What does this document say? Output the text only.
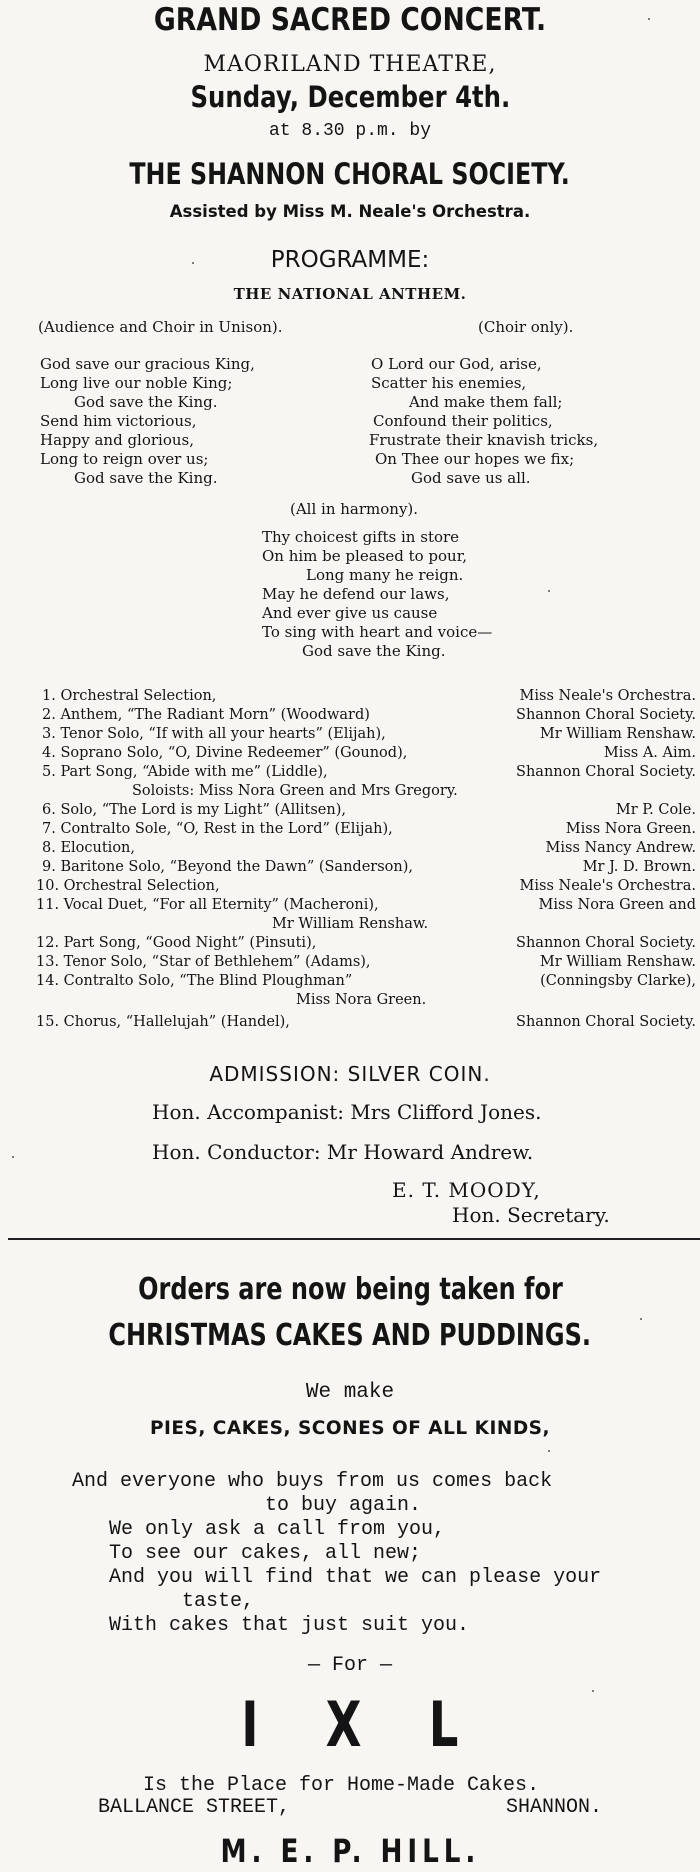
GRAND SACRED CONCERT.
MAORILAND THEATRE,
Sunday, December 4th.
at 8.30 p.m. by
THE SHANNON CHORAL SOCIETY.
Assisted by Miss M. Neale's Orchestra.
PROGRAMME:
THE NATIONAL ANTHEM.
(Audience and Choir in Unison).	(Choir only).
God save our gracious King,
Long live our noble King;
God save the King.
Send him victorious,
Happy and glorious,
Long to reign over us;
God save the King.
O Lord our God, arise,
Scatter his enemies,
And make them fall;
Confound their politics,
Frustrate their knavish tricks,
On Thee our hopes we fix;
God save us all.
(All in harmony).
Thy choicest gifts in store
On him be pleased to pour,
Long many he reign.
May he defend our laws,
And ever give us cause
To sing with heart and voice—
God save the King.
1. Orchestral Selection,	Miss Neale's Orchestra.
2. Anthem, “The Radiant Morn” (Woodward)	Shannon Choral Society.
3. Tenor Solo, “If with all your hearts” (Elijah),	Mr William Renshaw.
4. Soprano Solo, “O, Divine Redeemer” (Gounod),	Miss A. Aim.
5. Part Song, “Abide with me” (Liddle),	Shannon Choral Society.
Soloists: Miss Nora Green and Mrs Gregory.
6. Solo, “The Lord is my Light” (Allitsen),	Mr P. Cole.
7. Contralto Sole, “O, Rest in the Lord” (Elijah),	Miss Nora Green.
8. Elocution,	Miss Nancy Andrew.
9. Baritone Solo, “Beyond the Dawn” (Sanderson),	Mr J. D. Brown.
10. Orchestral Selection,	Miss Neale's Orchestra.
11. Vocal Duet, “For all Eternity” (Macheroni),	Miss Nora Green and
Mr William Renshaw.
12. Part Song, “Good Night” (Pinsuti),	Shannon Choral Society.
13. Tenor Solo, “Star of Bethlehem” (Adams),	Mr William Renshaw.
14. Contralto Solo, “The Blind Ploughman”	(Conningsby Clarke),
Miss Nora Green.
15. Chorus, “Hallelujah” (Handel),	Shannon Choral Society.
ADMISSION: SILVER COIN.
Hon. Accompanist: Mrs Clifford Jones.
Hon. Conductor: Mr Howard Andrew.
E. T. MOODY,
Hon. Secretary.
Orders are now being taken for
CHRISTMAS CAKES AND PUDDINGS.
We make
PIES, CAKES, SCONES OF ALL KINDS,
And everyone who buys from us comes back
to buy again.
We only ask a call from you,
To see our cakes, all new;
And you will find that we can please your
taste,
With cakes that just suit you.
— For —
I X L
Is the Place for Home-Made Cakes.
BALLANCE STREET,	SHANNON.
M. E. P. HILL.
